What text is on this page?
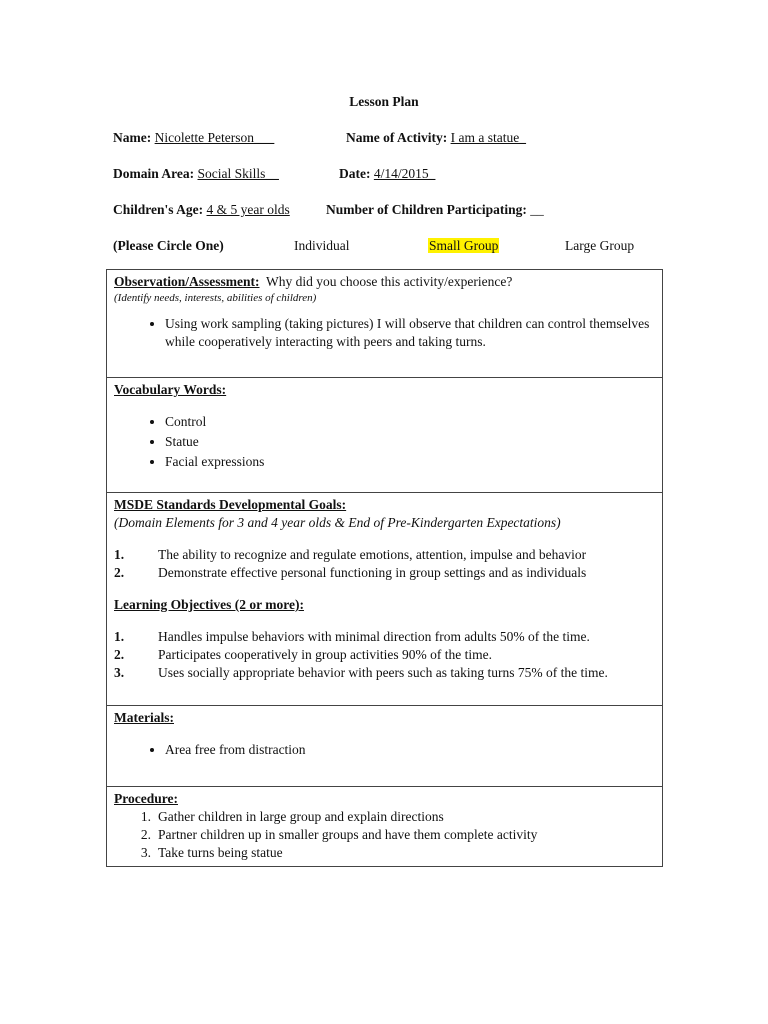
Lesson Plan
Name: Nicolette Peterson___	Name of Activity: I am a statue_
Domain Area: Social Skills__	Date: 4/14/2015_
Children's Age: 4 & 5 year olds	Number of Children Participating: __
(Please Circle One)	Individual	Small Group	Large Group
Observation/Assessment: Why did you choose this activity/experience?
(Identify needs, interests, abilities of children)
• Using work sampling (taking pictures) I will observe that children can control themselves while cooperatively interacting with peers and taking turns.

Vocabulary Words:
• Control
• Statue
• Facial expressions

MSDE Standards Developmental Goals:
(Domain Elements for 3 and 4 year olds & End of Pre-Kindergarten Expectations)
1.	The ability to recognize and regulate emotions, attention, impulse and behavior
2.	Demonstrate effective personal functioning in group settings and as individuals
Learning Objectives (2 or more):
1.	Handles impulse behaviors with minimal direction from adults 50% of the time.
2.	Participates cooperatively in group activities 90% of the time.
3.	Uses socially appropriate behavior with peers such as taking turns 75% of the time.

Materials:
• Area free from distraction

Procedure:
1. Gather children in large group and explain directions
2. Partner children up in smaller groups and have them complete activity
3. Take turns being statue
